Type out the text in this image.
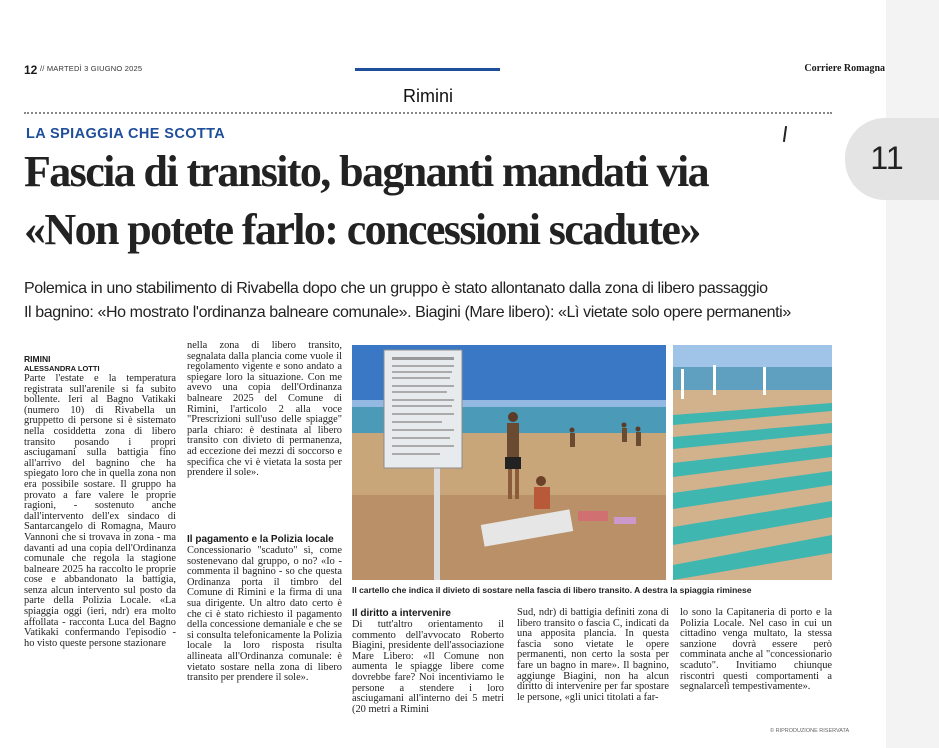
11
12 // MARTEDÌ 3 GIUGNO 2025	Corriere Romagna
Rimini
LA SPIAGGIA CHE SCOTTA
Fascia di transito, bagnanti mandati via
«Non potete farlo: concessioni scadute»
Polemica in uno stabilimento di Rivabella dopo che un gruppo è stato allontanato dalla zona di libero passaggio
Il bagnino: «Ho mostrato l'ordinanza balneare comunale». Biagini (Mare libero): «Lì vietate solo opere permanenti»
RIMINI
ALESSANDRA LOTTI

Parte l'estate e la temperatura registrata sull'arenile si fa subito bollente. Ieri al Bagno Vatikaki (numero 10) di Rivabella un gruppetto di persone si è sistemato nella cosiddetta zona di libero transito posando i propri asciugamani sulla battigia fino all'arrivo del bagnino che ha spiegato loro che in quella zona non era possibile sostare. Il gruppo ha provato a fare valere le proprie ragioni, - sostenuto anche dall'intervento dell'ex sindaco di Santarcangelo di Romagna, Mauro Vannoni che si trovava in zona - ma davanti ad una copia dell'Ordinanza comunale che regola la stagione balneare 2025 ha raccolto le proprie cose e abbandonato la battigia, senza alcun intervento sul posto da parte della Polizia Locale. «La spiaggia oggi (ieri, ndr) era molto affollata - racconta Luca del Bagno Vatikaki confermando l'episodio - ho visto queste persone stazionare

nella zona di libero transito, segnalata dalla plancia come vuole il regolamento vigente e sono andato a spiegare loro la situazione. Con me avevo una copia dell'Ordinanza balneare 2025 del Comune di Rimini, l'articolo 2 alla voce "Prescrizioni sull'uso delle spiagge" parla chiaro: è destinata al libero transito con divieto di permanenza, ad eccezione dei mezzi di soccorso e specifica che vi è vietata la sosta per prendere il sole».

Il pagamento e la Polizia locale

Concessionario "scaduto" sì, come sostenevano dal gruppo, o no? «Io - commenta il bagnino - so che questa Ordinanza porta il timbro del Comune di Rimini e la firma di una sua dirigente. Un altro dato certo è che ci è stato richiesto il pagamento della concessione demaniale e che se si consulta telefonicamente la Polizia locale la loro risposta risulta allineata all'Ordinanza comunale: è vietato sostare nella zona di libero transito per prendere il sole».

Il cartello che indica il divieto di sostare nella fascia di libero transito. A destra la spiaggia riminese

Il diritto a intervenire

Di tutt'altro orientamento il commento dell'avvocato Roberto Biagini, presidente dell'associazione Mare Libero: «Il Comune non aumenta le spiagge libere come dovrebbe fare? Noi incentiviamo le persone a stendere i loro asciugamani all'interno dei 5 metri (20 metri a Rimini

Sud, ndr) di battigia definiti zona di libero transito o fascia C, indicati da una apposita plancia. In questa fascia sono vietate le opere permanenti, non certo la sosta per fare un bagno in mare». Il bagnino, aggiunge Biagini, non ha alcun diritto di intervenire per far spostare le persone, «gli unici titolati a far-

lo sono la Capitaneria di porto e la Polizia Locale. Nel caso in cui un cittadino venga multato, la stessa sanzione dovrà essere però comminata anche al "concessionario scaduto". Invitiamo chiunque riscontri questi comportamenti a segnalarceli tempestivamente».

© RIPRODUZIONE RISERVATA
